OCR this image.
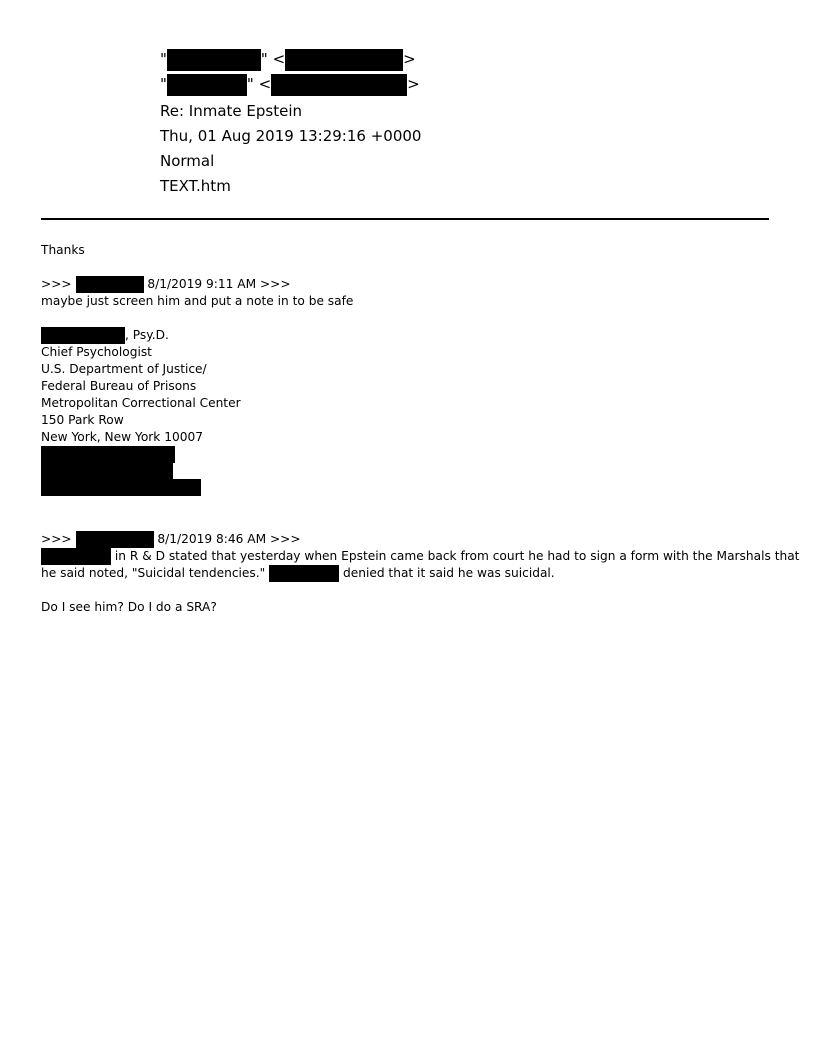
"	" <	>
"	" <	>
Re: Inmate Epstein
Thu, 01 Aug 2019 13:29:16 +0000
Normal
TEXT.htm
Thanks
>>>	8/1/2019 9:11 AM >>>
maybe just screen him and put a note in to be safe
, Psy.D.
Chief Psychologist
U.S. Department of Justice/
Federal Bureau of Prisons
Metropolitan Correctional Center
150 Park Row
New York, New York 10007
>>>	8/1/2019 8:46 AM >>>
in R & D stated that yesterday when Epstein came back from court he had to sign a form with the Marshals that
he said noted, "Suicidal tendencies."	denied that it said he was suicidal.
Do I see him? Do I do a SRA?
